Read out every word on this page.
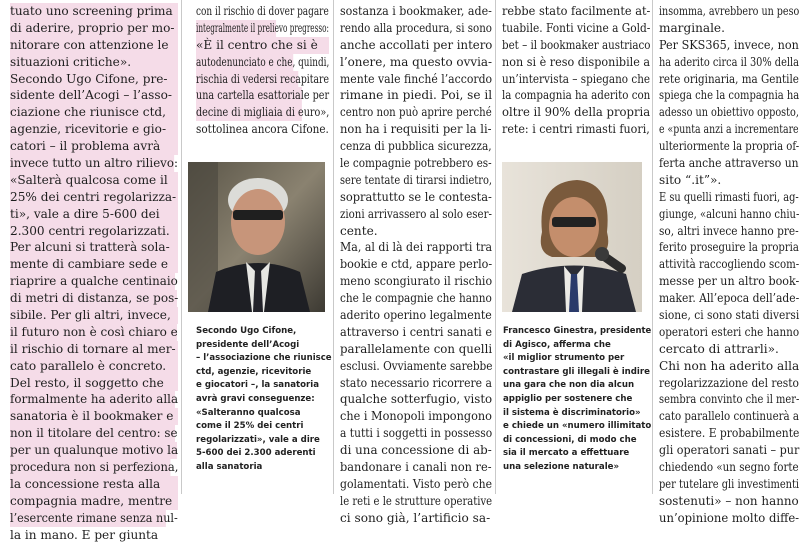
tuato uno screening prima
di aderire, proprio per mo-
nitorare con attenzione le
situazioni critiche».
Secondo Ugo Cifone, pre-
sidente dell’Acogi – l’asso-
ciazione che riunisce ctd,
agenzie, ricevitorie e gio-
catori – il problema avrà
invece tutto un altro rilievo:
«Salterà qualcosa come il
25% dei centri regolarizza-
ti», vale a dire 5-600 dei
2.300 centri regolarizzati.
Per alcuni si tratterà sola-
mente di cambiare sede e
riaprire a qualche centinaio
di metri di distanza, se pos-
sibile. Per gli altri, invece,
il futuro non è così chiaro e
il rischio di tornare al mer-
cato parallelo è concreto.
Del resto, il soggetto che
formalmente ha aderito alla
sanatoria è il bookmaker e
non il titolare del centro: se
per un qualunque motivo la
procedura non si perfeziona,
la concessione resta alla
compagnia madre, mentre
l’esercente rimane senza nul-
la in mano. E per giunta
con il rischio di dover pagare
integralmente il prelievo pregresso:
«È il centro che si è
autodenunciato e che, quindi,
rischia di vedersi recapitare
una cartella esattoriale per
decine di migliaia di euro»,
sottolinea ancora Cifone.
Secondo Ugo Cifone,
presidente dell’Acogi
– l’associazione che riunisce
ctd, agenzie, ricevitorie
e giocatori –, la sanatoria
avrà gravi conseguenze:
«Salteranno qualcosa
come il 25% dei centri
regolarizzati», vale a dire
5-600 dei 2.300 aderenti
alla sanatoria
sostanza i bookmaker, ade-
rendo alla procedura, si sono
anche accollati per intero
l’onere, ma questo ovvia-
mente vale finché l’accordo
rimane in piedi. Poi, se il
centro non può aprire perché
non ha i requisiti per la li-
cenza di pubblica sicurezza,
le compagnie potrebbero es-
sere tentate di tirarsi indietro,
soprattutto se le contesta-
zioni arrivassero al solo eser-
cente.
Ma, al di là dei rapporti tra
bookie e ctd, appare perlo-
meno scongiurato il rischio
che le compagnie che hanno
aderito operino legalmente
attraverso i centri sanati e
parallelamente con quelli
esclusi. Ovviamente sarebbe
stato necessario ricorrere a
qualche sotterfugio, visto
che i Monopoli impongono
a tutti i soggetti in possesso
di una concessione di ab-
bandonare i canali non re-
golamentati. Visto però che
le reti e le strutture operative
ci sono già, l’artificio sa-
rebbe stato facilmente at-
tuabile. Fonti vicine a Gold-
bet – il bookmaker austriaco
non si è reso disponibile a
un’intervista – spiegano che
la compagnia ha aderito con
oltre il 90% della propria
rete: i centri rimasti fuori,
Francesco Ginestra, presidente
di Agisco, afferma che
«il miglior strumento per
contrastare gli illegali è indire
una gara che non dia alcun
appiglio per sostenere che
il sistema è discriminatorio»
e chiede un «numero illimitato
di concessioni, di modo che
sia il mercato a effettuare
una selezione naturale»
insomma, avrebbero un peso
marginale.
Per SKS365, invece, non
ha aderito circa il 30% della
rete originaria, ma Gentile
spiega che la compagnia ha
adesso un obiettivo opposto,
e «punta anzi a incrementare
ulteriormente la propria of-
ferta anche attraverso un
sito “.it”».
E su quelli rimasti fuori, ag-
giunge, «alcuni hanno chiu-
so, altri invece hanno pre-
ferito proseguire la propria
attività raccogliendo scom-
messe per un altro book-
maker. All’epoca dell’ade-
sione, ci sono stati diversi
operatori esteri che hanno
cercato di attrarli».
Chi non ha aderito alla
regolarizzazione del resto
sembra convinto che il mer-
cato parallelo continuerà a
esistere. E probabilmente
gli operatori sanati – pur
chiedendo «un segno forte
per tutelare gli investimenti
sostenuti» – non hanno
un’opinione molto diffe-
